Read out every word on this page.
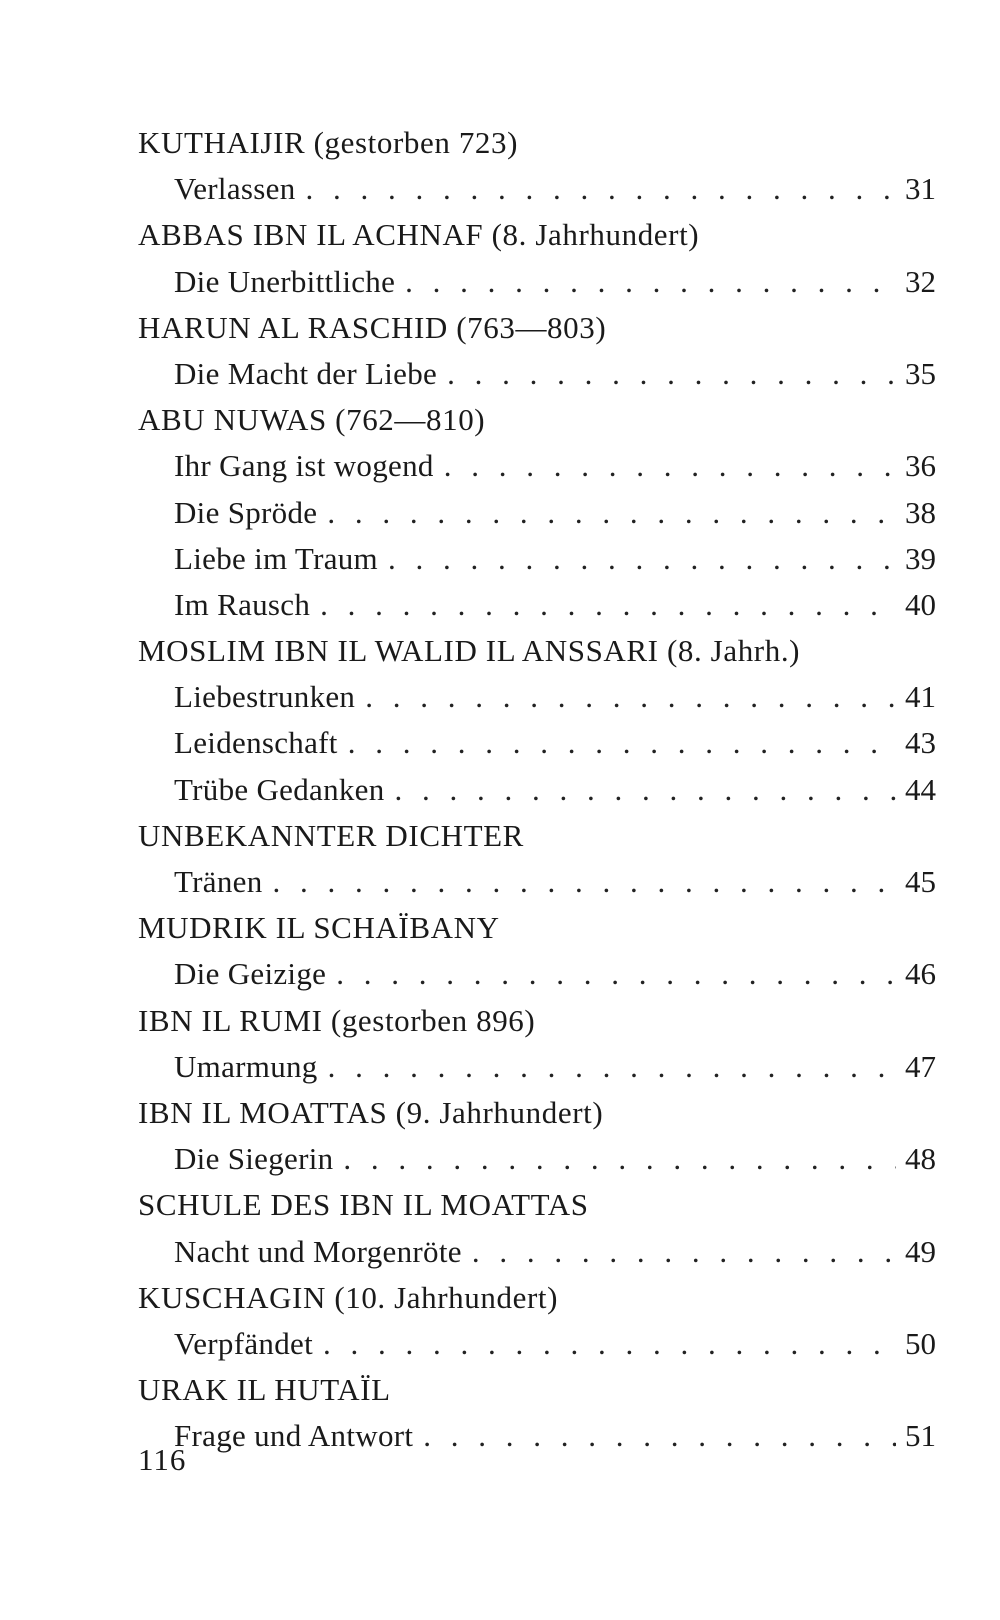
KUTHAIJIR (gestorben 723)
Verlassen . . .	31
ABBAS IBN IL ACHNAF (8. Jahrhundert)
Die Unerbittliche . . .	32
HARUN AL RASCHID (763—803)
Die Macht der Liebe . . .	35
ABU NUWAS (762—810)
Ihr Gang ist wogend . . .	36
Die Spröde . . .	38
Liebe im Traum . . .	39
Im Rausch . . .	40
MOSLIM IBN IL WALID IL ANSSARI (8. Jahrh.)
Liebestrunken . . .	41
Leidenschaft . . .	43
Trübe Gedanken . . .	44
UNBEKANNTER DICHTER
Tränen . . .	45
MUDRIK IL SCHAÏBANY
Die Geizige . . .	46
IBN IL RUMI (gestorben 896)
Umarmung . . .	47
IBN IL MOATTAS (9. Jahrhundert)
Die Siegerin . . .	48
SCHULE DES IBN IL MOATTAS
Nacht und Morgenröte . . .	49
KUSCHAGIN (10. Jahrhundert)
Verpfändet . . .	50
URAK IL HUTAÏL
Frage und Antwort . . .	51
116
